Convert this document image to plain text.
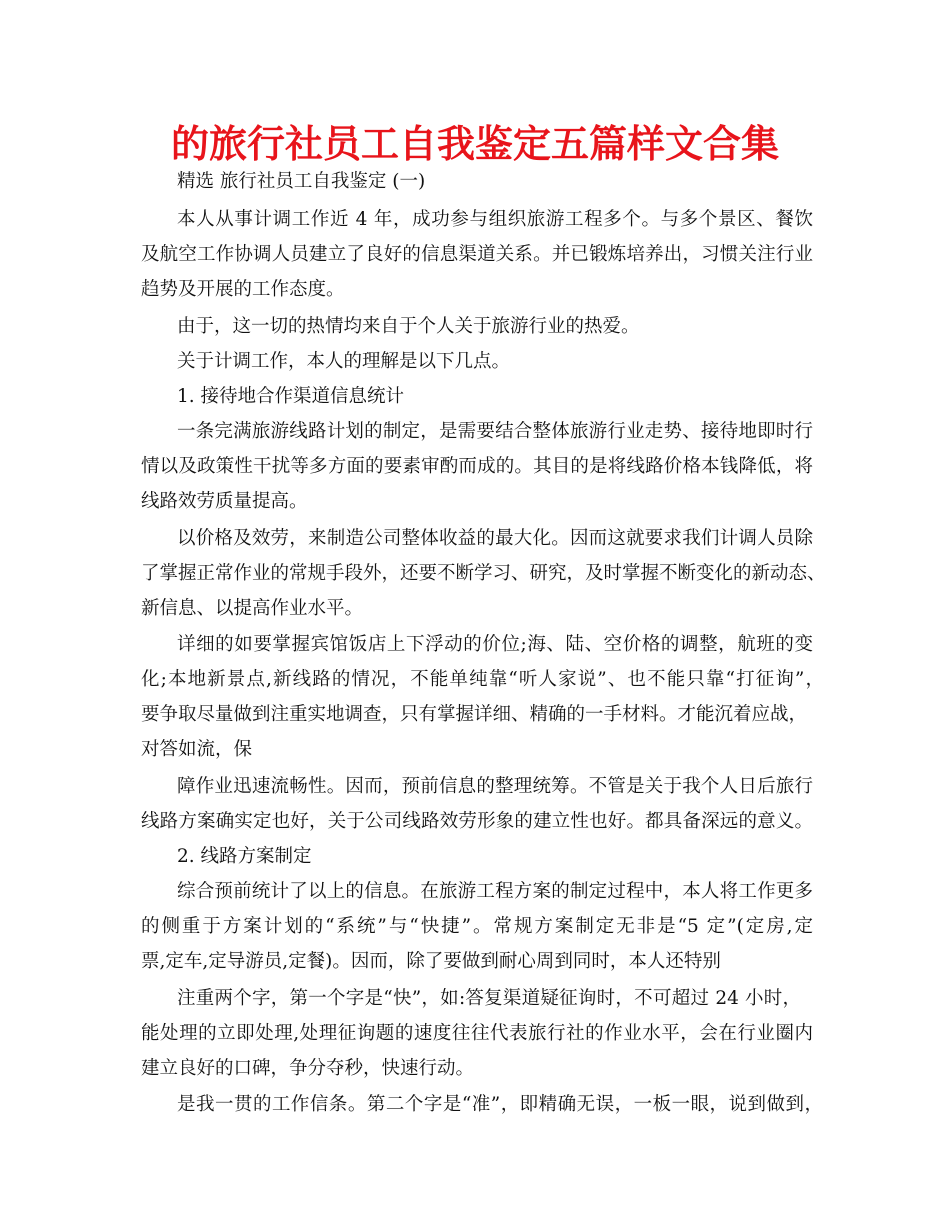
的旅行社员工自我鉴定五篇样文合集
精选 旅行社员工自我鉴定 (一)
本人从事计调工作近 4 年，成功参与组织旅游工程多个。与多个景区、餐饮
及航空工作协调人员建立了良好的信息渠道关系。并已锻炼培养出，习惯关注行业
趋势及开展的工作态度。
由于，这一切的热情均来自于个人关于旅游行业的热爱。
关于计调工作，本人的理解是以下几点。
1. 接待地合作渠道信息统计
一条完满旅游线路计划的制定，是需要结合整体旅游行业走势、接待地即时行
情以及政策性干扰等多方面的要素审酌而成的。其目的是将线路价格本钱降低，将
线路效劳质量提高。
以价格及效劳，来制造公司整体收益的最大化。因而这就要求我们计调人员除
了掌握正常作业的常规手段外，还要不断学习、研究，及时掌握不断变化的新动态、
新信息、以提高作业水平。
详细的如要掌握宾馆饭店上下浮动的价位;海、陆、空价格的调整，航班的变
化;本地新景点,新线路的情况，不能单纯靠“听人家说”、也不能只靠“打征询”，
要争取尽量做到注重实地调查，只有掌握详细、精确的一手材料。才能沉着应战，
对答如流，保
障作业迅速流畅性。因而，预前信息的整理统筹。不管是关于我个人日后旅行
线路方案确实定也好，关于公司线路效劳形象的建立性也好。都具备深远的意义。
2. 线路方案制定
综合预前统计了以上的信息。在旅游工程方案的制定过程中，本人将工作更多
的侧重于方案计划的“系统”与“快捷”。常规方案制定无非是“5 定”(定房,定
票,定车,定导游员,定餐)。因而，除了要做到耐心周到同时，本人还特别
注重两个字，第一个字是“快”，如:答复渠道疑征询时，不可超过 24 小时，
能处理的立即处理,处理征询题的速度往往代表旅行社的作业水平，会在行业圈内
建立良好的口碑，争分夺秒，快速行动。
是我一贯的工作信条。第二个字是“准”，即精确无误，一板一眼，说到做到，
